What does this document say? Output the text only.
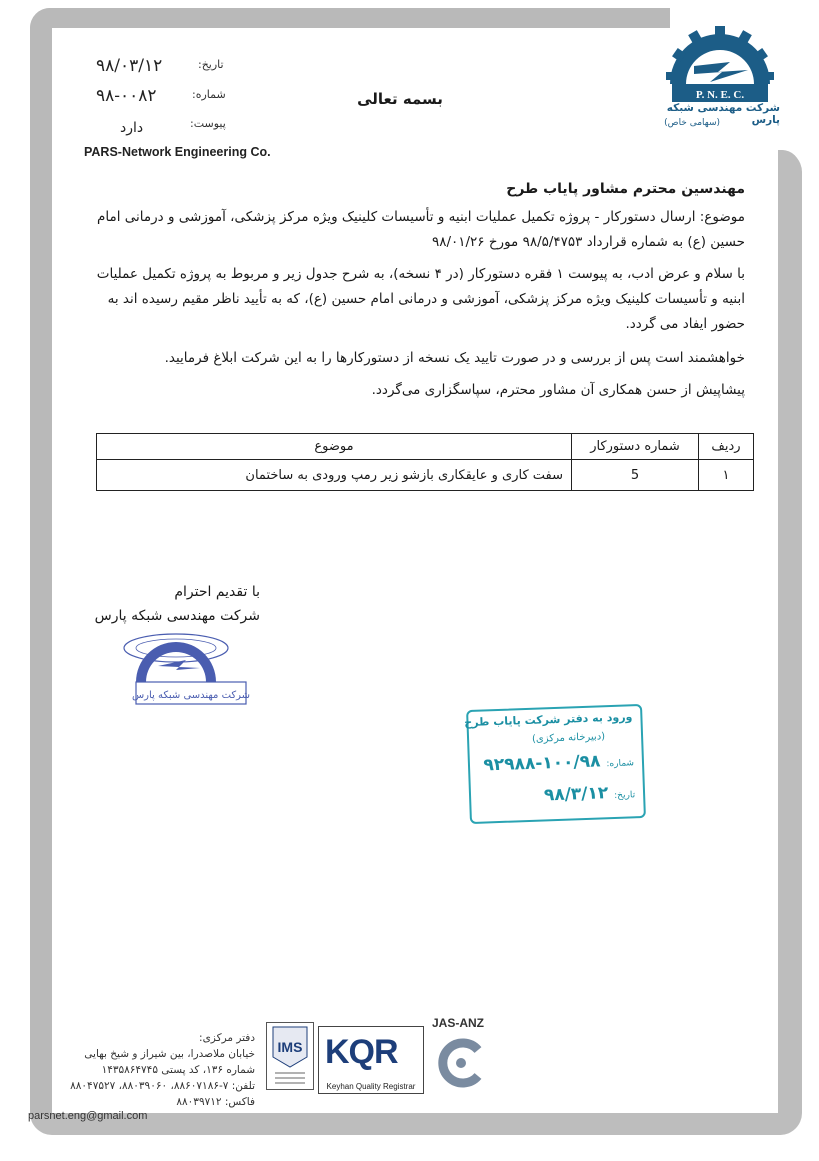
تاریخ:
۹۸/۰۳/۱۲
شماره:
۹۸-۰۰۸۲
پیوست:
دارد
PARS-Network Engineering Co.
بسمه تعالی	P. N. E. C.
شرکت مهندسی شبکه پارس
(سهامی خاص)
مهندسین محترم مشاور پایاب طرح
موضوع: ارسال دستورکار - پروژه تکمیل عملیات ابنیه و تأسیسات کلینیک ویژه مرکز پزشکی، آموزشی و درمانی امام حسین (ع) به شماره قرارداد ۹۸/۵/۴۷۵۳ مورخ ۹۸/۰۱/۲۶
با سلام و عرض ادب، به پیوست ۱ فقره دستورکار (در ۴ نسخه)، به شرح جدول زیر و مربوط به پروژه تکمیل عملیات ابنیه و تأسیسات کلینیک ویژه مرکز پزشکی، آموزشی و درمانی امام حسین (ع)، که به تأیید ناظر مقیم رسیده اند به حضور ایفاد می گردد.
خواهشمند است پس از بررسی و در صورت تایید یک نسخه از دستورکارها را به این شرکت ابلاغ فرمایید.
پیشاپیش از حسن همکاری آن مشاور محترم، سپاسگزاری می‌گردد.
ردیف	شماره دستورکار	موضوع
۱	5	سفت کاری و عایقکاری بازشو زیر رمپ ورودی به ساختمان
با تقدیم احترام
شرکت مهندسی شبکه پارس
شرکت مهندسی شبکه پارس
ورود به دفتر شرکت پایاب طرح
(دبیرخانه مرکزی)
شماره: ۱۰۰/۹۸-۹۲۹۸۸
تاریخ: ۹۸/۳/۱۲
دفتر مرکزی:
خیابان ملاصدرا، بین شیراز و شیخ بهایی
شماره ۱۳۶، کد پستی ۱۴۳۵۸۶۴۷۴۵
تلفن: ۷-۸۸۶۰۷۱۸۶، ۸۸۰۳۹۰۶۰، ۸۸۰۴۷۵۲۷
فاکس: ۸۸۰۳۹۷۱۲
parsnet.eng@gmail.com
IMS KQR
Keyhan Quality Registrar
JAS-ANZ
